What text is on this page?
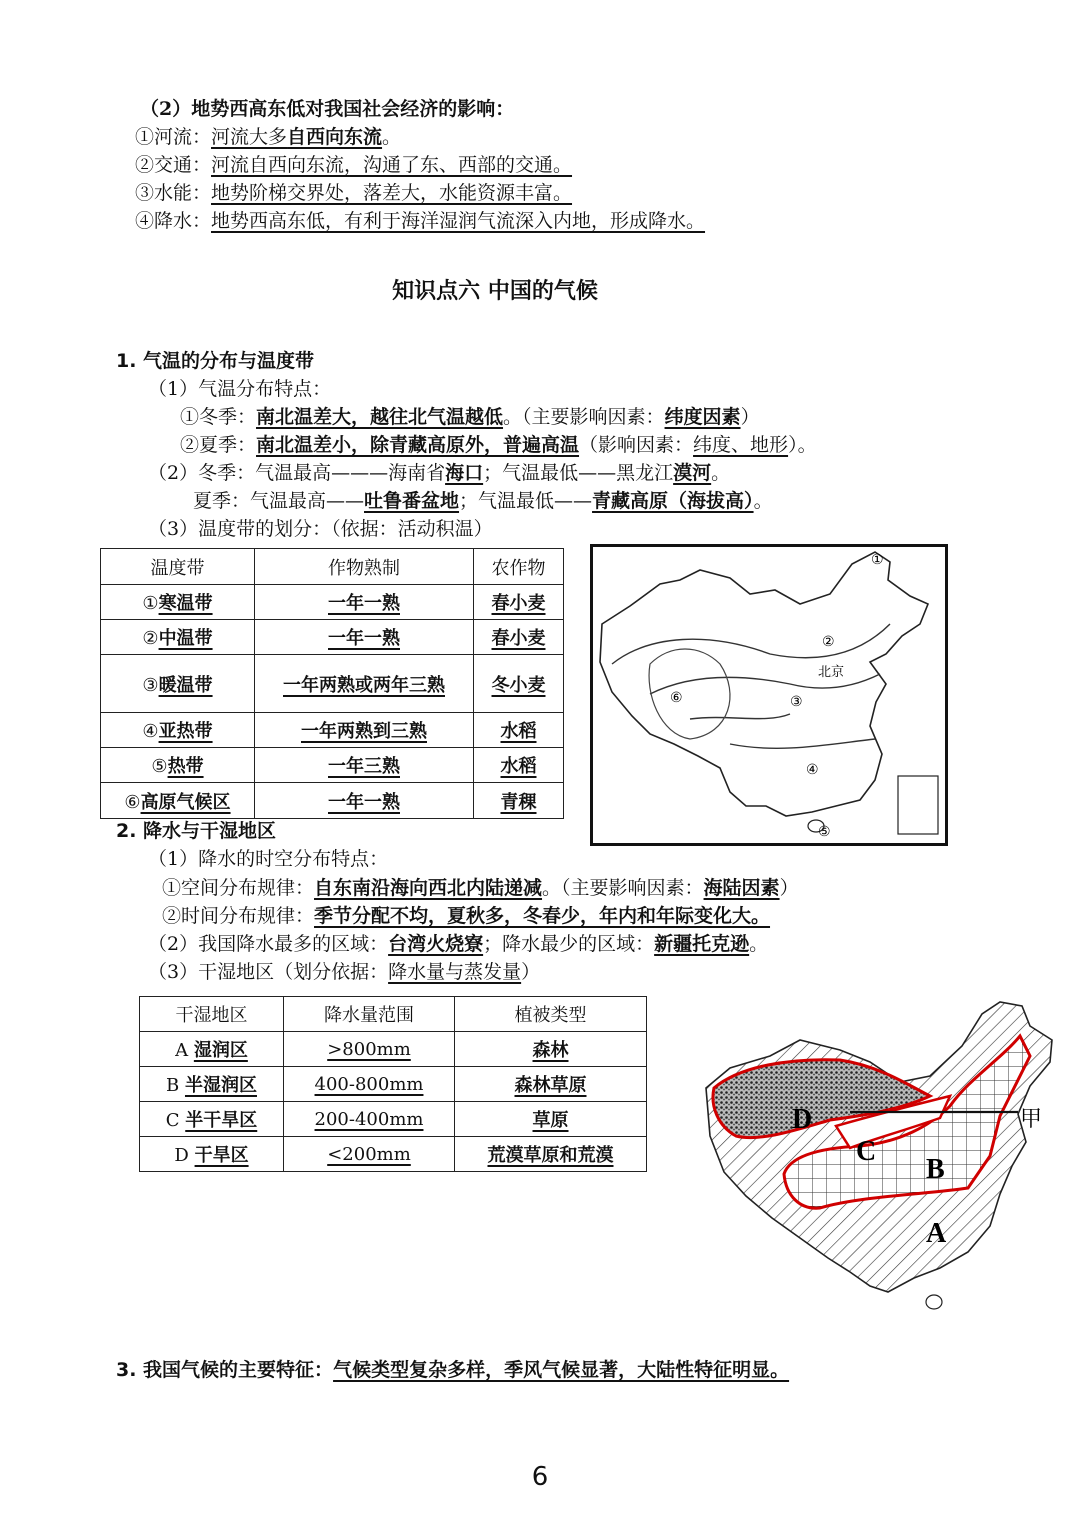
（2）地势西高东低对我国社会经济的影响：
①河流：河流大多自西向东流。
②交通：河流自西向东流，沟通了东、西部的交通。
③水能：地势阶梯交界处，落差大，水能资源丰富。
④降水：地势西高东低，有利于海洋湿润气流深入内地，形成降水。
知识点六 中国的气候
1. 气温的分布与温度带
（1）气温分布特点：
①冬季：南北温差大，越往北气温越低。（主要影响因素：纬度因素）
②夏季：南北温差小，除青藏高原外，普遍高温（影响因素：纬度、地形）。
（2）冬季：气温最高———海南省海口；气温最低——黑龙江漠河。
夏季：气温最高——吐鲁番盆地；气温最低——青藏高原（海拔高）。
（3）温度带的划分：（依据：活动积温）
温度带	作物熟制	农作物
①寒温带	一年一熟	春小麦
②中温带	一年一熟	春小麦
③暖温带	一年两熟或两年三熟	冬小麦
④亚热带	一年两熟到三熟	水稻
⑤热带	一年三熟	水稻
⑥高原气候区	一年一熟	青稞
①
②
③
④
⑤
⑥
北京
2. 降水与干湿地区
（1）降水的时空分布特点：
①空间分布规律：自东南沿海向西北内陆递减。（主要影响因素：海陆因素）
②时间分布规律：季节分配不均，夏秋多，冬春少，年内和年际变化大。
（2）我国降水最多的区域：台湾火烧寮；降水最少的区域：新疆托克逊。
（3）干湿地区（划分依据：降水量与蒸发量）
干湿地区	降水量范围	植被类型
A 湿润区	>800mm	森林
B 半湿润区	400-800mm	森林草原
C 半干旱区	200-400mm	草原
D 干旱区	<200mm	荒漠草原和荒漠
D
C
B
A
甲
3. 我国气候的主要特征：气候类型复杂多样，季风气候显著，大陆性特征明显。
6
